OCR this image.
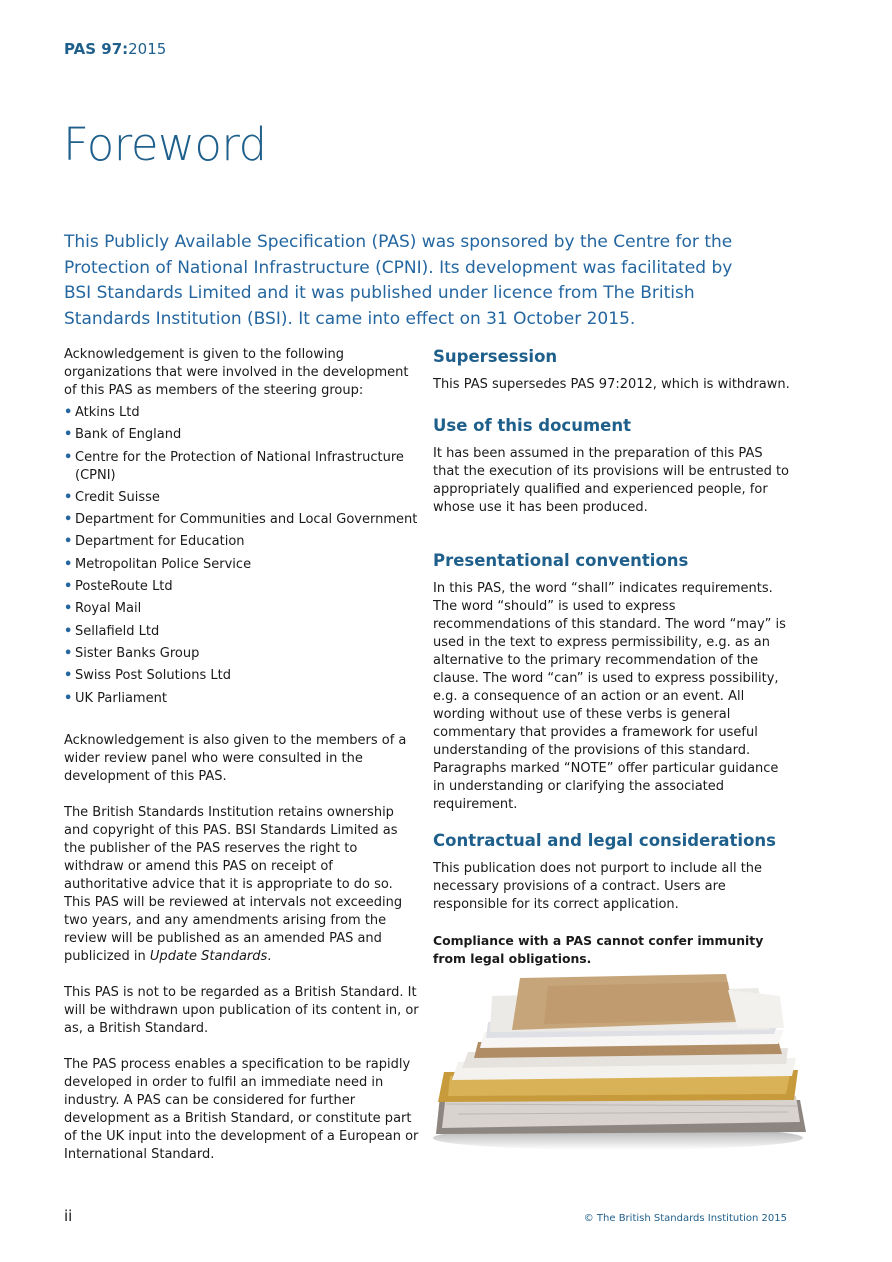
PAS 97:2015
Foreword

This Publicly Available Specification (PAS) was sponsored by the Centre for the Protection of National Infrastructure (CPNI). Its development was facilitated by BSI Standards Limited and it was published under licence from The British Standards Institution (BSI). It came into effect on 31 October 2015.

Acknowledgement is given to the following organizations that were involved in the development of this PAS as members of the steering group:

• Atkins Ltd
• Bank of England
• Centre for the Protection of National Infrastructure (CPNI)
• Credit Suisse
• Department for Communities and Local Government
• Department for Education
• Metropolitan Police Service
• PosteRoute Ltd
• Royal Mail
• Sellafield Ltd
• Sister Banks Group
• Swiss Post Solutions Ltd
• UK Parliament

Acknowledgement is also given to the members of a wider review panel who were consulted in the development of this PAS.

The British Standards Institution retains ownership and copyright of this PAS. BSI Standards Limited as the publisher of the PAS reserves the right to withdraw or amend this PAS on receipt of authoritative advice that it is appropriate to do so. This PAS will be reviewed at intervals not exceeding two years, and any amendments arising from the review will be published as an amended PAS and publicized in Update Standards.

This PAS is not to be regarded as a British Standard. It will be withdrawn upon publication of its content in, or as, a British Standard.

The PAS process enables a specification to be rapidly developed in order to fulfil an immediate need in industry. A PAS can be considered for further development as a British Standard, or constitute part of the UK input into the development of a European or International Standard.

Supersession

This PAS supersedes PAS 97:2012, which is withdrawn.

Use of this document

It has been assumed in the preparation of this PAS that the execution of its provisions will be entrusted to appropriately qualified and experienced people, for whose use it has been produced.

Presentational conventions

In this PAS, the word “shall” indicates requirements. The word “should” is used to express recommendations of this standard. The word “may” is used in the text to express permissibility, e.g. as an alternative to the primary recommendation of the clause. The word “can” is used to express possibility, e.g. a consequence of an action or an event. All wording without use of these verbs is general commentary that provides a framework for useful understanding of the provisions of this standard. Paragraphs marked “NOTE” offer particular guidance in understanding or clarifying the associated requirement.

Contractual and legal considerations

This publication does not purport to include all the necessary provisions of a contract. Users are responsible for its correct application.

Compliance with a PAS cannot confer immunity from legal obligations.

ii	© The British Standards Institution 2015
